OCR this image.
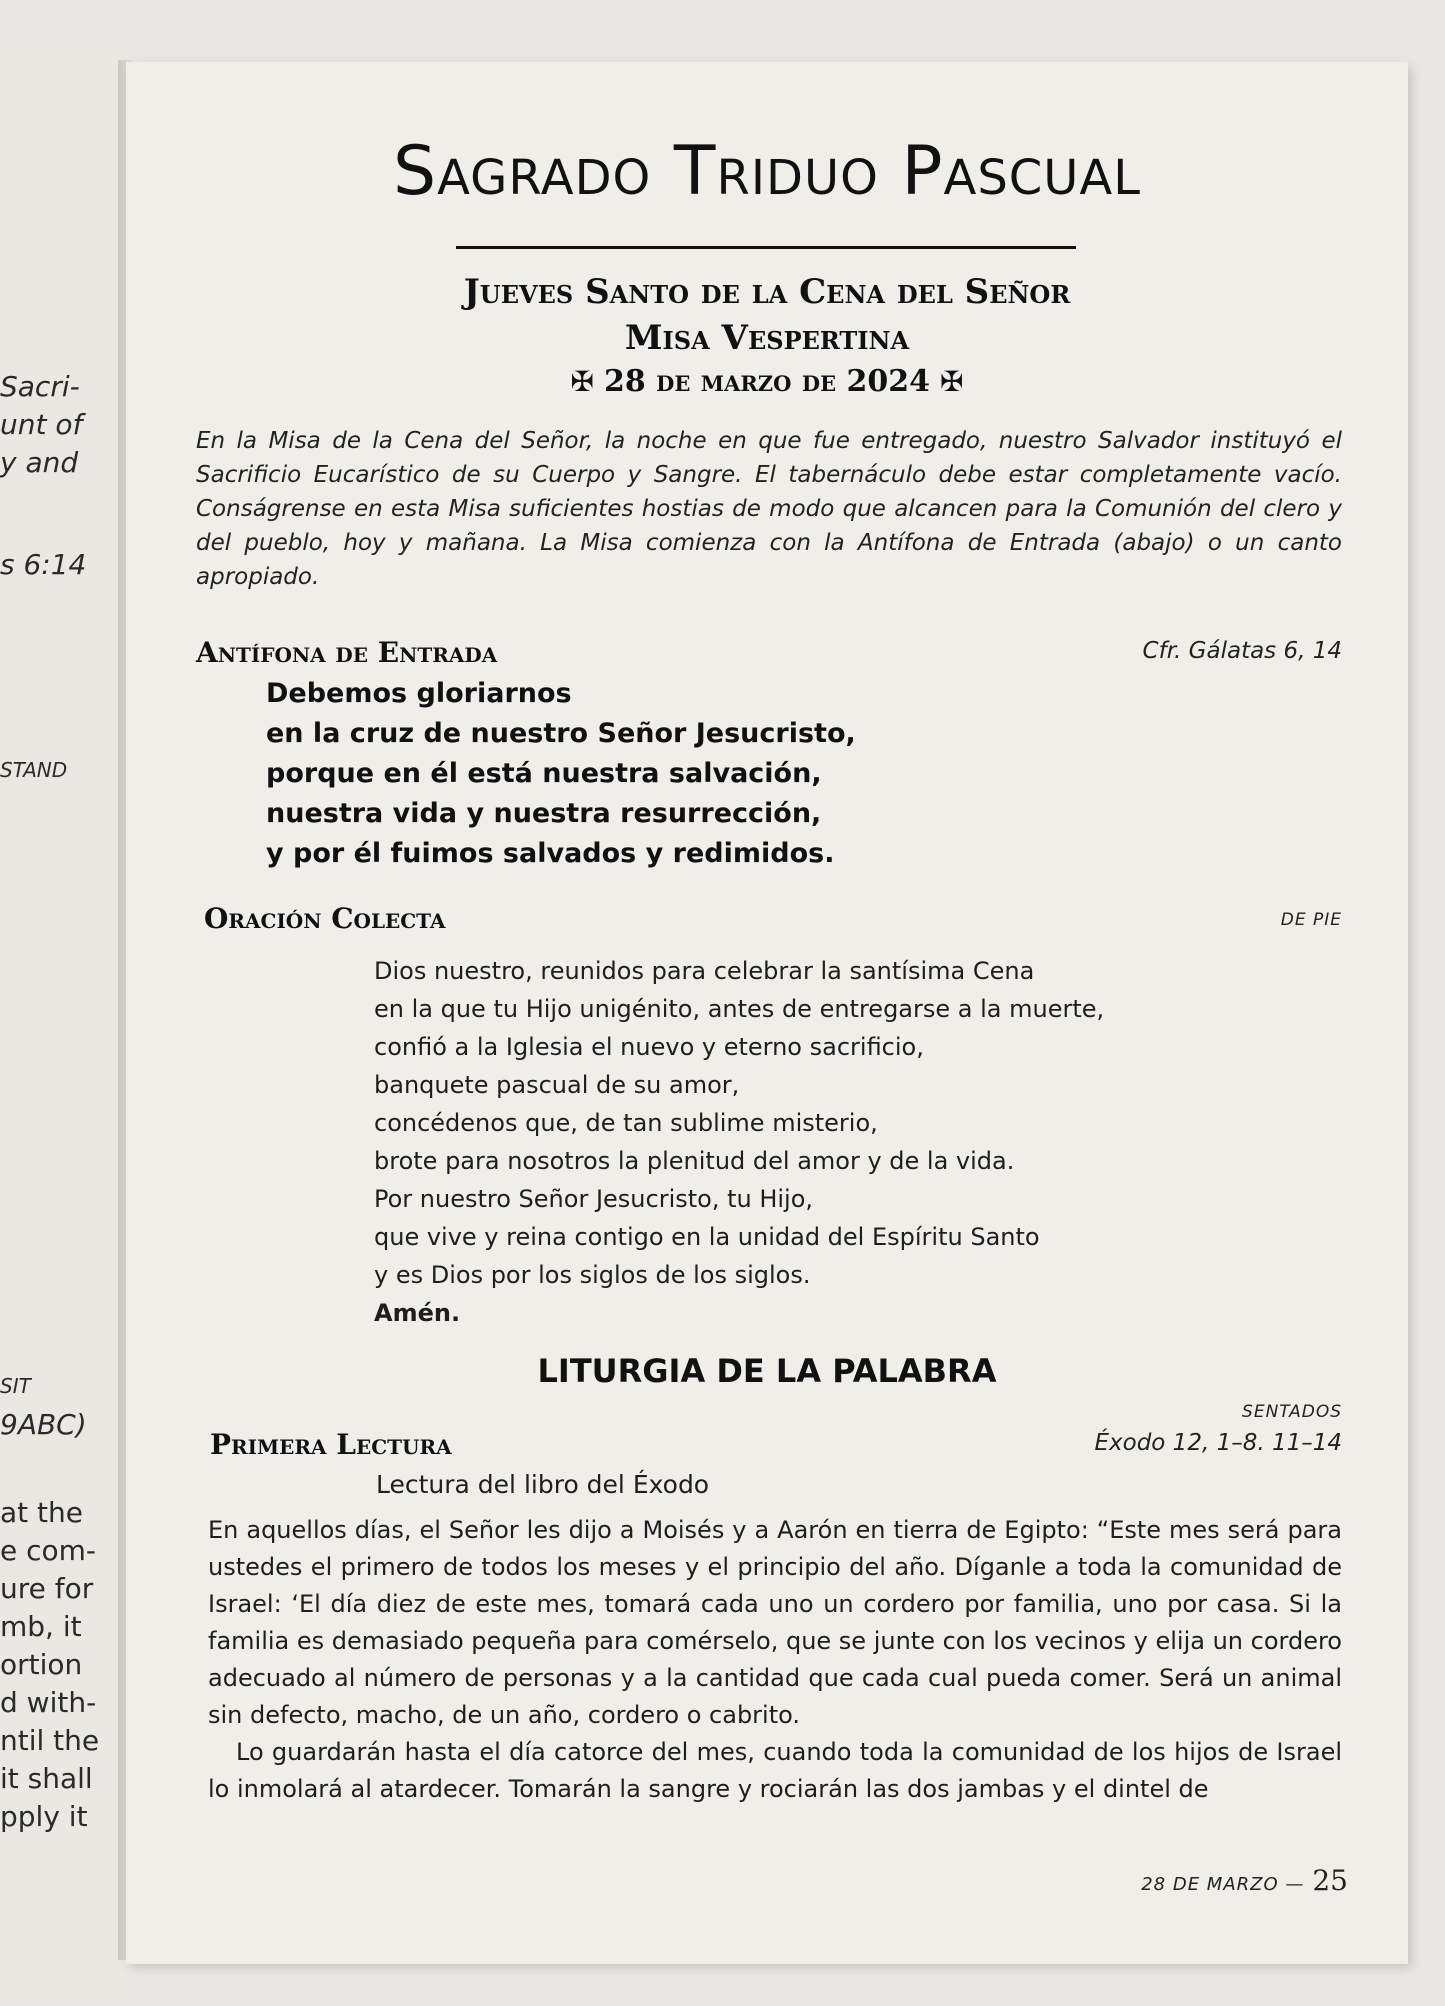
Sacri-
unt of
y and
s 6:14
STAND
SIT
9ABC)
at the
e com-
ure for
mb, it
ortion
d with-
ntil the
it shall
pply it
Sagrado Triduo Pascual
Jueves Santo de la Cena del Señor
Misa Vespertina
✠ 28 de marzo de 2024 ✠
En la Misa de la Cena del Señor, la noche en que fue entregado, nuestro Salvador instituyó el Sacrificio Eucarístico de su Cuerpo y Sangre. El tabernáculo debe estar completamente vacío. Conságrense en esta Misa suficientes hostias de modo que alcancen para la Comunión del clero y del pueblo, hoy y mañana. La Misa comienza con la Antífona de Entrada (abajo) o un canto apropiado.
Antífona de Entrada	Cfr. Gálatas 6, 14
Debemos gloriarnos
en la cruz de nuestro Señor Jesucristo,
porque en él está nuestra salvación,
nuestra vida y nuestra resurrección,
y por él fuimos salvados y redimidos.
Oración Colecta	DE PIE
Dios nuestro, reunidos para celebrar la santísima Cena
en la que tu Hijo unigénito, antes de entregarse a la muerte,
confió a la Iglesia el nuevo y eterno sacrificio,
banquete pascual de su amor,
concédenos que, de tan sublime misterio,
brote para nosotros la plenitud del amor y de la vida.
Por nuestro Señor Jesucristo, tu Hijo,
que vive y reina contigo en la unidad del Espíritu Santo
y es Dios por los siglos de los siglos.
Amén.
LITURGIA DE LA PALABRA
SENTADOS
Primera Lectura	Éxodo 12, 1–8. 11–14
Lectura del libro del Éxodo

En aquellos días, el Señor les dijo a Moisés y a Aarón en tierra de Egipto: “Este mes será para ustedes el primero de todos los meses y el principio del año. Díganle a toda la comunidad de Israel: ‘El día diez de este mes, tomará cada uno un cordero por familia, uno por casa. Si la familia es demasiado pequeña para comérselo, que se junte con los vecinos y elija un cordero adecuado al número de personas y a la cantidad que cada cual pueda comer. Será un animal sin defecto, macho, de un año, cordero o cabrito.

Lo guardarán hasta el día catorce del mes, cuando toda la comunidad de los hijos de Israel lo inmolará al atardecer. Tomarán la sangre y rociarán las dos jambas y el dintel de

28 DE MARZO — 25
